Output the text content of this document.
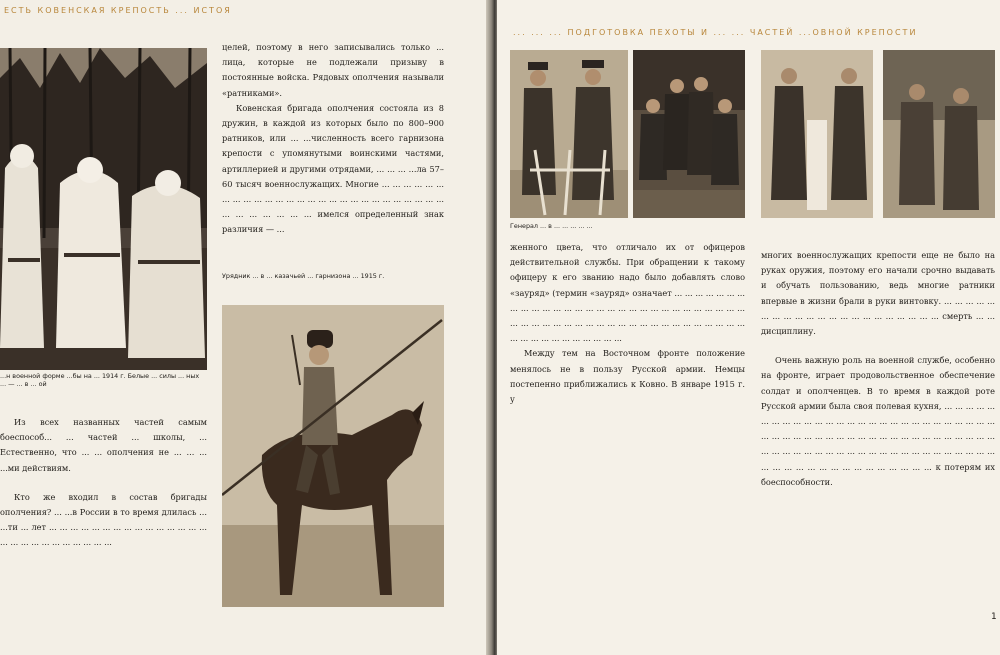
ЕСТЬ КОВЕНСКАЯ КРЕПОСТЬ ... ИСТОЯ
...н военной форме ...бы на ... 1914 г. Белые ... силы ... ных ... — ... в ... ой

Из всех названных частей самым боеспособ... ... частей ... школы, ... Естественно, что ... ... ополчения не ... ... ... ...ми действиям.

Кто же входил в состав бригады ополчения? ... ...в России в то время длилась ... ...ти ... лет ... ... ... ... ... ... ... ... ... ... ... ... ... ... ... ... ... ... ... ... ... ... ... ... ... ...

целей, поэтому в него записывались только ... лица, которые не подлежали призыву в постоянные войска. Рядовых ополчения называли «ратниками».

Ковенская бригада ополчения состояла из 8 дружин, в каждой из которых было по 800–900 ратников, или ... ...численность всего гарнизона крепости с упомянутыми воинскими частями, артиллерией и другими отрядами, ... ... ... ...ла 57–60 тысяч военнослужащих. Многие ... ... ... ... ... ... ... ... ... ... ... ... ... ... ... ... ... ... ... ... ... ... ... ... ... ... ... ... ... ... ... ... ... ... имелся определенный знак различия — ...

Урядник ... в ... казачьей ... гарнизона ... 1915 г.
... ... ... ПОДГОТОВКА ПЕХОТЫ И ... ... ЧАСТЕЙ ...ОВНОЙ КРЕПОСТИ
Генерал ... в ... ... ... ... ...

женного цвета, что отличало их от офицеров действительной службы. При обращении к такому офицеру к его званию надо было добавлять слово «зауряд» (термин «зауряд» означает ... ... ... ... ... ... ... ... ... ... ... ... ... ... ... ... ... ... ... ... ... ... ... ... ... ... ... ... ... ... ... ... ... ... ... ... ... ... ... ... ... ... ... ... ... ... ... ... ... ... ... ... ... ... ... ... ... ... ... ... ... ...

Между тем на Восточном фронте положение менялось не в пользу Русской армии. Немцы постепенно приближались к Ковно. В январе 1915 г. у

многих военнослужащих крепости еще не было на руках оружия, поэтому его начали срочно выдавать и обучать пользованию, ведь многие ратники впервые в жизни брали в руки винтовку. ... ... ... ... ... ... ... ... ... ... ... ... ... ... ... ... ... ... ... ... ... смерть ... ... дисциплину.

Очень важную роль на военной службе, особенно на фронте, играет продовольственное обеспечение солдат и ополченцев. В то время в каждой роте Русской армии была своя полевая кухня, ... ... ... ... ... ... ... ... ... ... ... ... ... ... ... ... ... ... ... ... ... ... ... ... ... ... ... ... ... ... ... ... ... ... ... ... ... ... ... ... ... ... ... ... ... ... ... ... ... ... ... ... ... ... ... ... ... ... ... ... ... ... ... ... ... ... ... ... ... ... ... ... ... ... ... ... ... ... ... ... ... ... ... ... ... ... к потерям их боеспособности.

1
